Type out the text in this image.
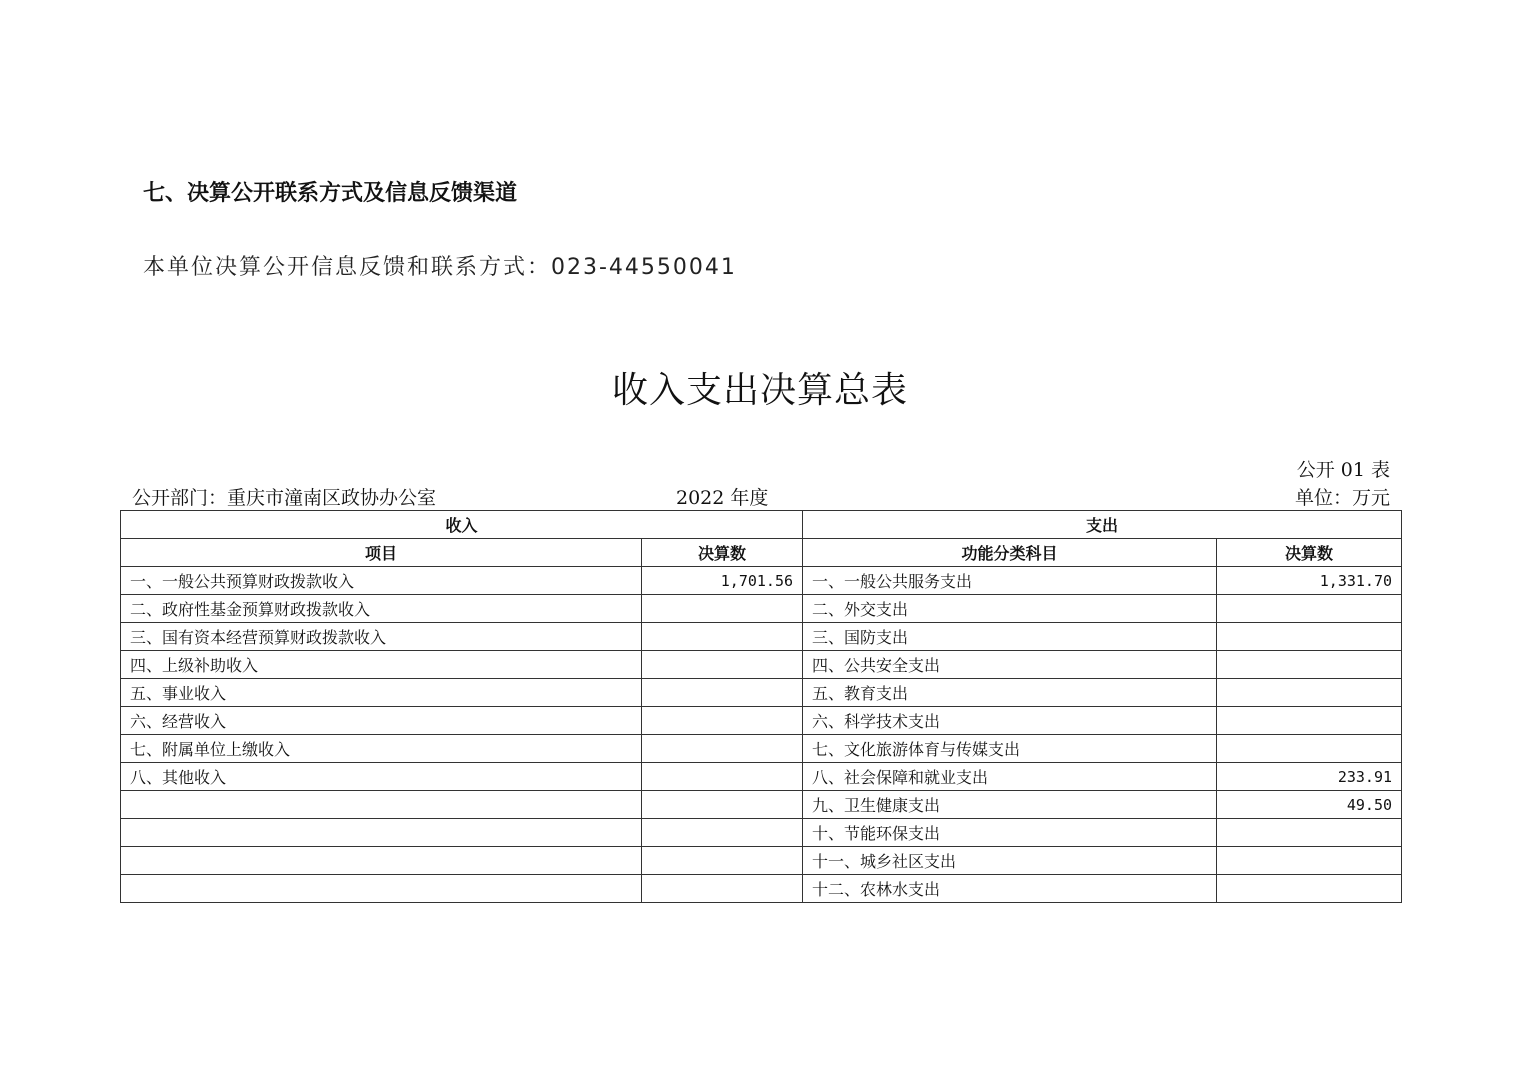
七、决算公开联系方式及信息反馈渠道
本单位决算公开信息反馈和联系方式：023-44550041
收入支出决算总表
公开 01 表
公开部门：重庆市潼南区政协办公室	2022 年度	单位：万元
收入		支出	
项目	决算数	功能分类科目	决算数
一、一般公共预算财政拨款收入	1,701.56	一、一般公共服务支出	1,331.70
二、政府性基金预算财政拨款收入		二、外交支出	
三、国有资本经营预算财政拨款收入		三、国防支出	
四、上级补助收入		四、公共安全支出	
五、事业收入		五、教育支出	
六、经营收入		六、科学技术支出	
七、附属单位上缴收入		七、文化旅游体育与传媒支出	
八、其他收入		八、社会保障和就业支出	233.91
		九、卫生健康支出	49.50
		十、节能环保支出	
		十一、城乡社区支出	
		十二、农林水支出	
